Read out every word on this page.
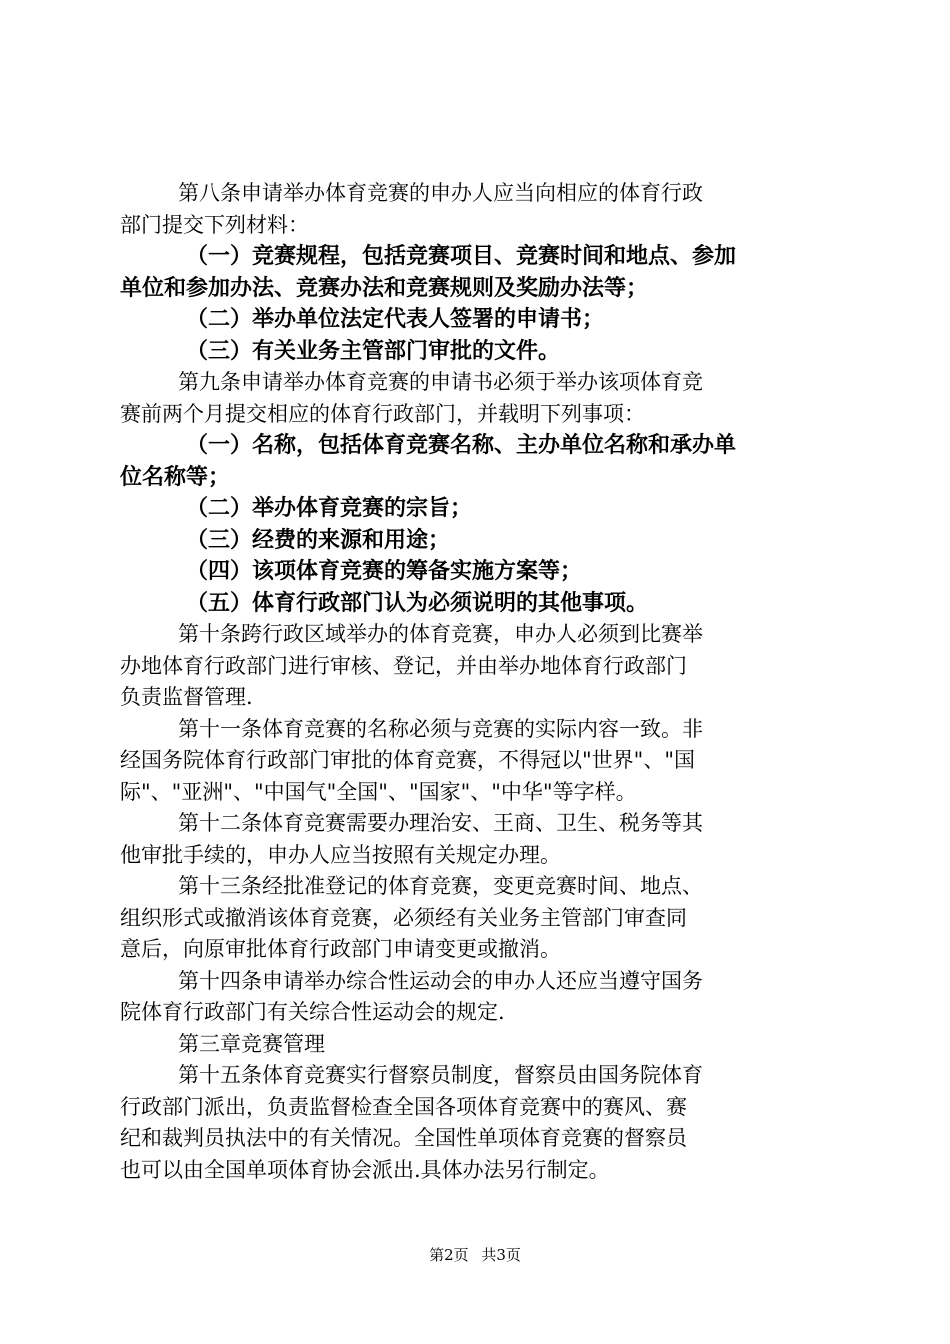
第八条申请举办体育竞赛的申办人应当向相应的体育行政
部门提交下列材料：
（一）竞赛规程，包括竞赛项目、竞赛时间和地点、参加
单位和参加办法、竞赛办法和竞赛规则及奖励办法等；
（二）举办单位法定代表人签署的申请书；
（三）有关业务主管部门审批的文件。
第九条申请举办体育竞赛的申请书必须于举办该项体育竞
赛前两个月提交相应的体育行政部门，并载明下列事项：
（一）名称，包括体育竞赛名称、主办单位名称和承办单
位名称等；
（二）举办体育竞赛的宗旨；
（三）经费的来源和用途；
（四）该项体育竞赛的筹备实施方案等；
（五）体育行政部门认为必须说明的其他事项。
第十条跨行政区域举办的体育竞赛，申办人必须到比赛举
办地体育行政部门进行审核、登记，并由举办地体育行政部门
负责监督管理.
第十一条体育竞赛的名称必须与竞赛的实际内容一致。非
经国务院体育行政部门审批的体育竞赛，不得冠以"世界"、"国
际"、"亚洲"、"中国气"全国"、"国家"、"中华"等字样。
第十二条体育竞赛需要办理治安、王商、卫生、税务等其
他审批手续的，申办人应当按照有关规定办理。
第十三条经批准登记的体育竞赛，变更竞赛时间、地点、
组织形式或撤消该体育竞赛，必须经有关业务主管部门审查同
意后，向原审批体育行政部门申请变更或撤消。
第十四条申请举办综合性运动会的申办人还应当遵守国务
院体育行政部门有关综合性运动会的规定.
第三章竞赛管理
第十五条体育竞赛实行督察员制度，督察员由国务院体育
行政部门派出，负责监督检查全国各项体育竞赛中的赛风、赛
纪和裁判员执法中的有关情况。全国性单项体育竞赛的督察员
也可以由全国单项体育协会派出.具体办法另行制定。
第2页 共3页
